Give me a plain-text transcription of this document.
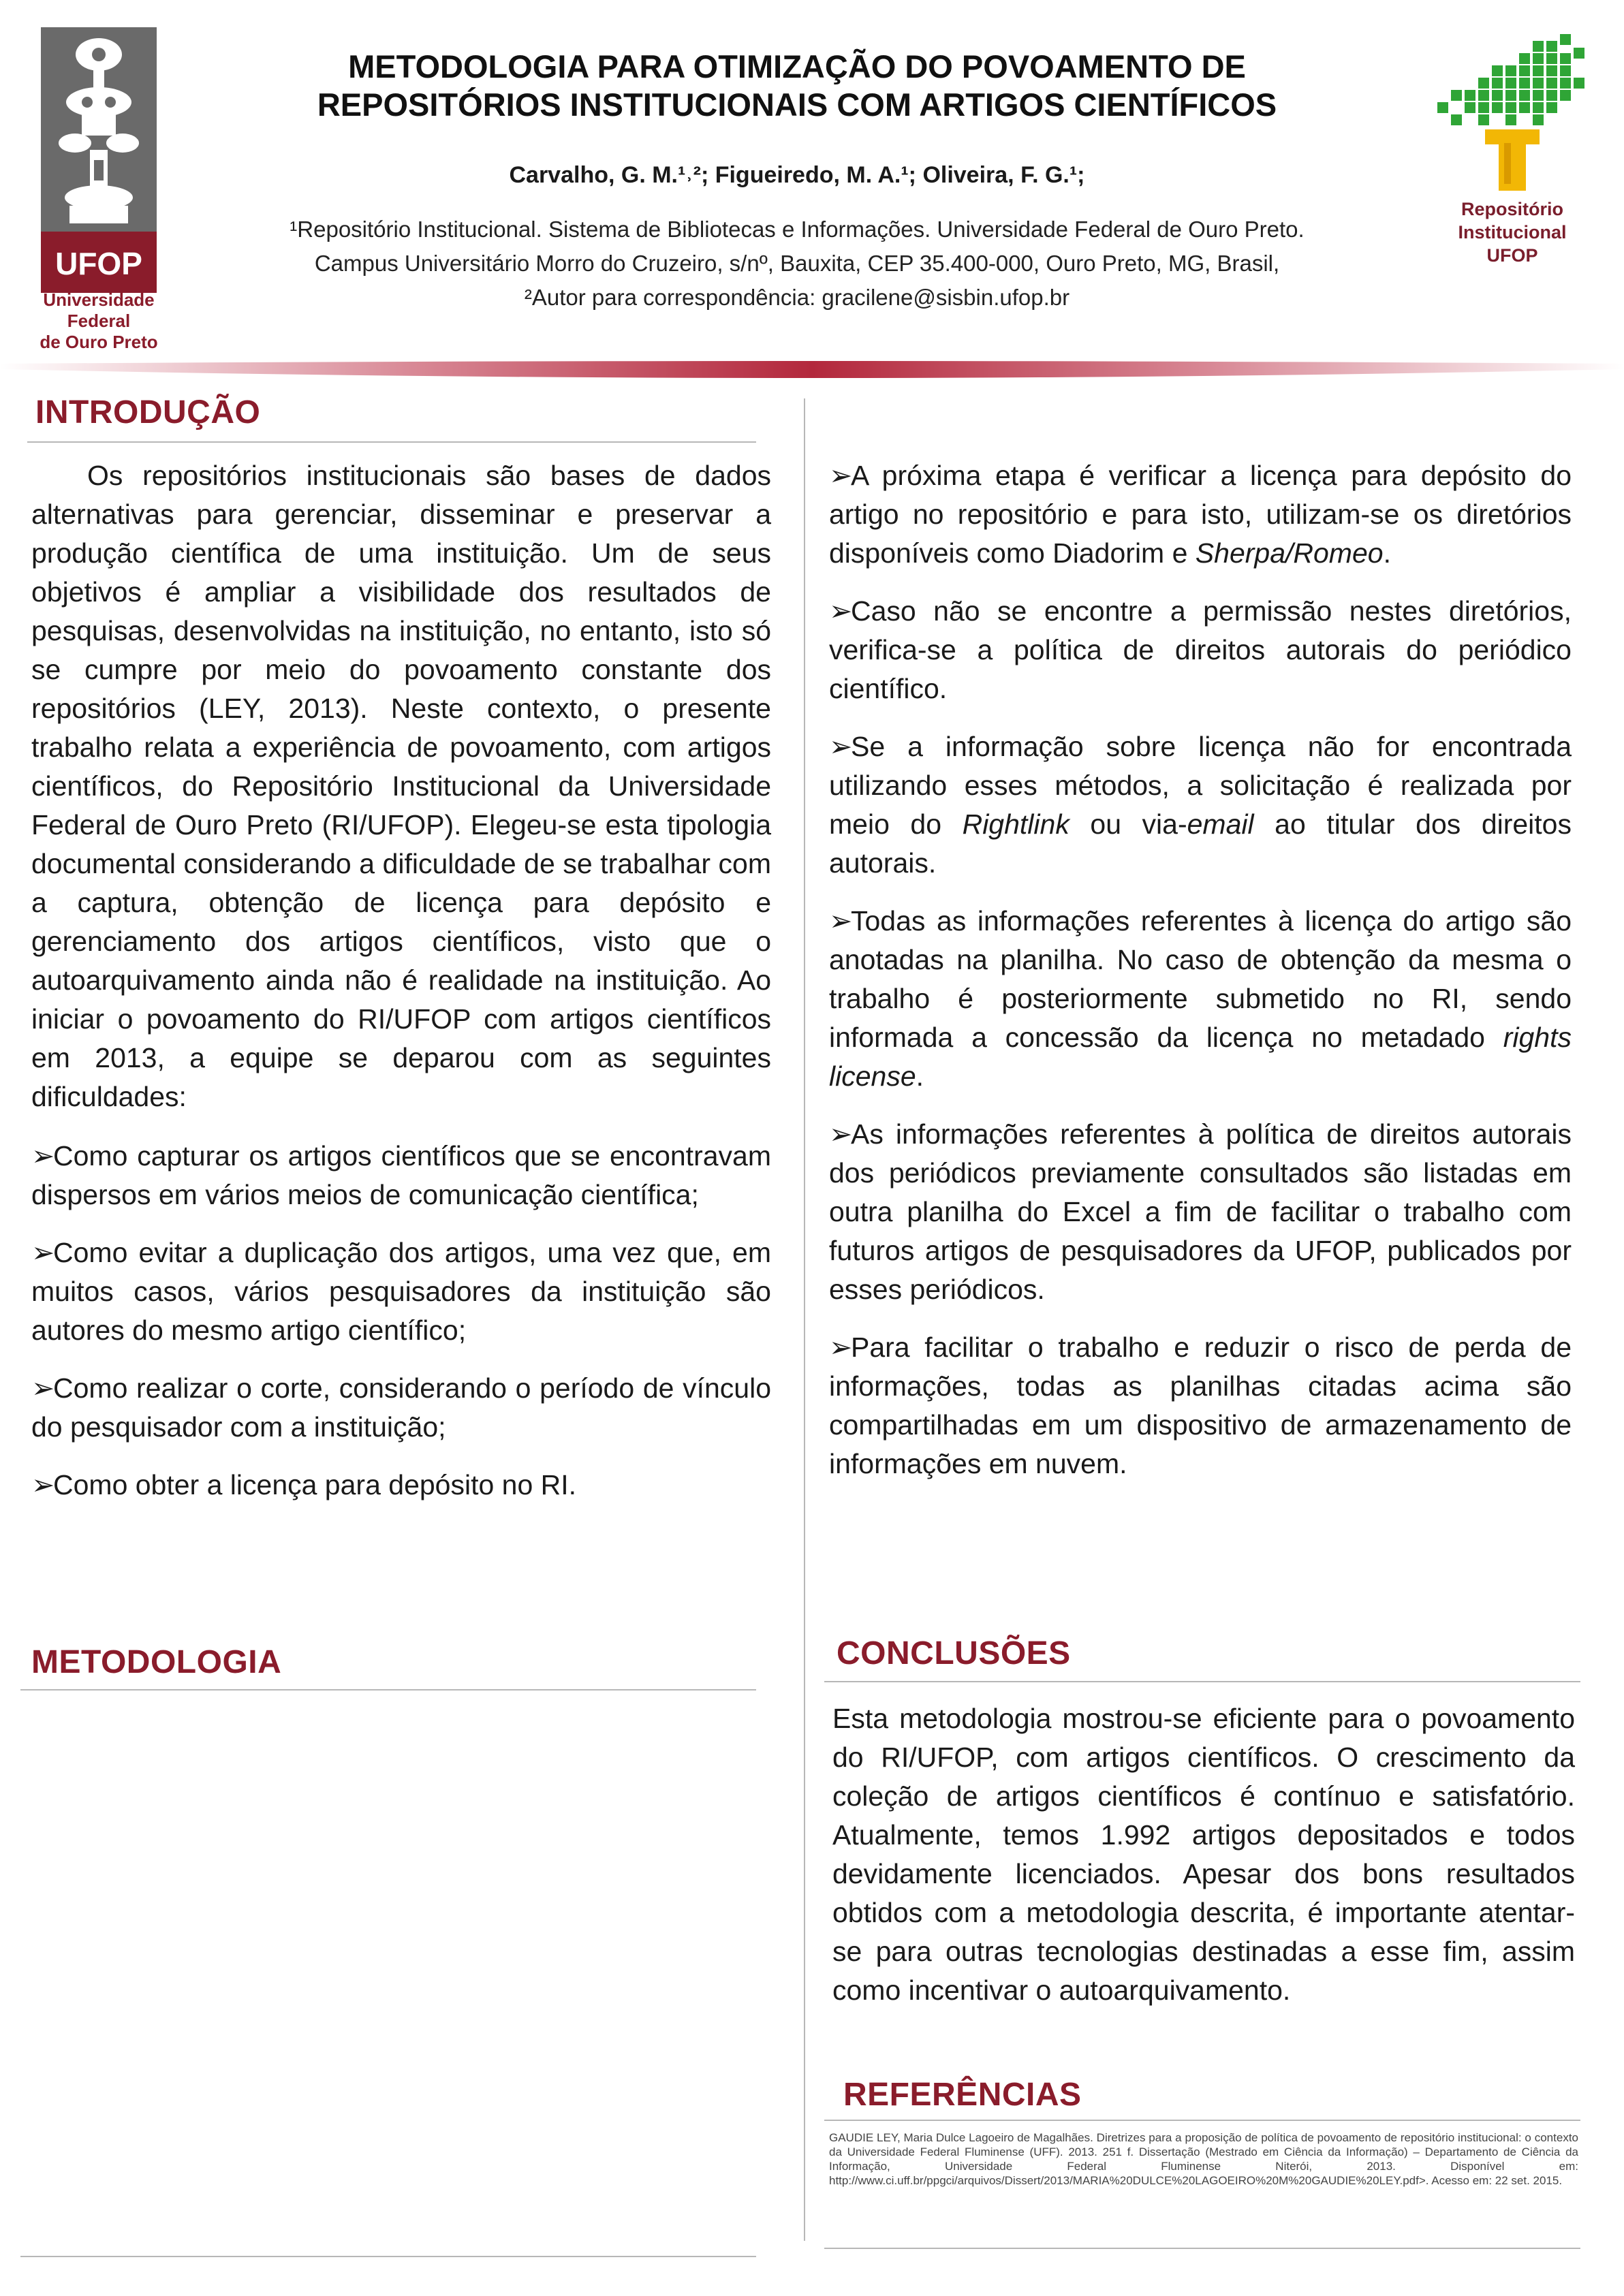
UFOP
Universidade Federal
de Ouro Preto
METODOLOGIA PARA OTIMIZAÇÃO DO POVOAMENTO DE
REPOSITÓRIOS INSTITUCIONAIS COM ARTIGOS CIENTÍFICOS
Carvalho, G. M.¹˒²; Figueiredo, M. A.¹; Oliveira, F. G.¹;
¹Repositório Institucional. Sistema de Bibliotecas e Informações. Universidade Federal de Ouro Preto.
Campus Universitário Morro do Cruzeiro, s/nº, Bauxita, CEP 35.400-000, Ouro Preto, MG, Brasil,
²Autor para correspondência: gracilene@sisbin.ufop.br
Repositório
Institucional
UFOP
INTRODUÇÃO

Os repositórios institucionais são bases de dados alternativas para gerenciar, disseminar e preservar a produção científica de uma instituição. Um de seus objetivos é ampliar a visibilidade dos resultados de pesquisas, desenvolvidas na instituição, no entanto, isto só se cumpre por meio do povoamento constante dos repositórios (LEY, 2013). Neste contexto, o presente trabalho relata a experiência de povoamento, com artigos científicos, do Repositório Institucional da Universidade Federal de Ouro Preto (RI/UFOP). Elegeu-se esta tipologia documental considerando a dificuldade de se trabalhar com a captura, obtenção de licença para depósito e gerenciamento dos artigos científicos, visto que o autoarquivamento ainda não é realidade na instituição. Ao iniciar o povoamento do RI/UFOP com artigos científicos em 2013, a equipe se deparou com as seguintes dificuldades:

➢Como capturar os artigos científicos que se encontravam dispersos em vários meios de comunicação científica;

➢Como evitar a duplicação dos artigos, uma vez que, em muitos casos, vários pesquisadores da instituição são autores do mesmo artigo científico;

➢Como realizar o corte, considerando o período de vínculo do pesquisador com a instituição;

➢Como obter a licença para depósito no RI.

METODOLOGIA

➢A próxima etapa é verificar a licença para depósito do artigo no repositório e para isto, utilizam-se os diretórios disponíveis como Diadorim e Sherpa/Romeo.

➢Caso não se encontre a permissão nestes diretórios, verifica-se a política de direitos autorais do periódico científico.

➢Se a informação sobre licença não for encontrada utilizando esses métodos, a solicitação é realizada por meio do Rightlink ou via-email ao titular dos direitos autorais.

➢Todas as informações referentes à licença do artigo são anotadas na planilha. No caso de obtenção da mesma o trabalho é posteriormente submetido no RI, sendo informada a concessão da licença no metadado rights license.

➢As informações referentes à política de direitos autorais dos periódicos previamente consultados são listadas em outra planilha do Excel a fim de facilitar o trabalho com futuros artigos de pesquisadores da UFOP, publicados por esses periódicos.

➢Para facilitar o trabalho e reduzir o risco de perda de informações, todas as planilhas citadas acima são compartilhadas em um dispositivo de armazenamento de informações em nuvem.

CONCLUSÕES

Esta metodologia mostrou-se eficiente para o povoamento do RI/UFOP, com artigos científicos. O crescimento da coleção de artigos científicos é contínuo e satisfatório. Atualmente, temos 1.992 artigos depositados e todos devidamente licenciados. Apesar dos bons resultados obtidos com a metodologia descrita, é importante atentar-se para outras tecnologias destinadas a esse fim, assim como incentivar o autoarquivamento.

REFERÊNCIAS

GAUDIE LEY, Maria Dulce Lagoeiro de Magalhães. Diretrizes para a proposição de política de povoamento de repositório institucional: o contexto da Universidade Federal Fluminense (UFF). 2013. 251 f. Dissertação (Mestrado em Ciência da Informação) – Departamento de Ciência da Informação, Universidade Federal Fluminense Niterói, 2013. Disponível em: http://www.ci.uff.br/ppgci/arquivos/Dissert/2013/MARIA%20DULCE%20LAGOEIRO%20M%20GAUDIE%20LEY.pdf>. Acesso em: 22 set. 2015.
